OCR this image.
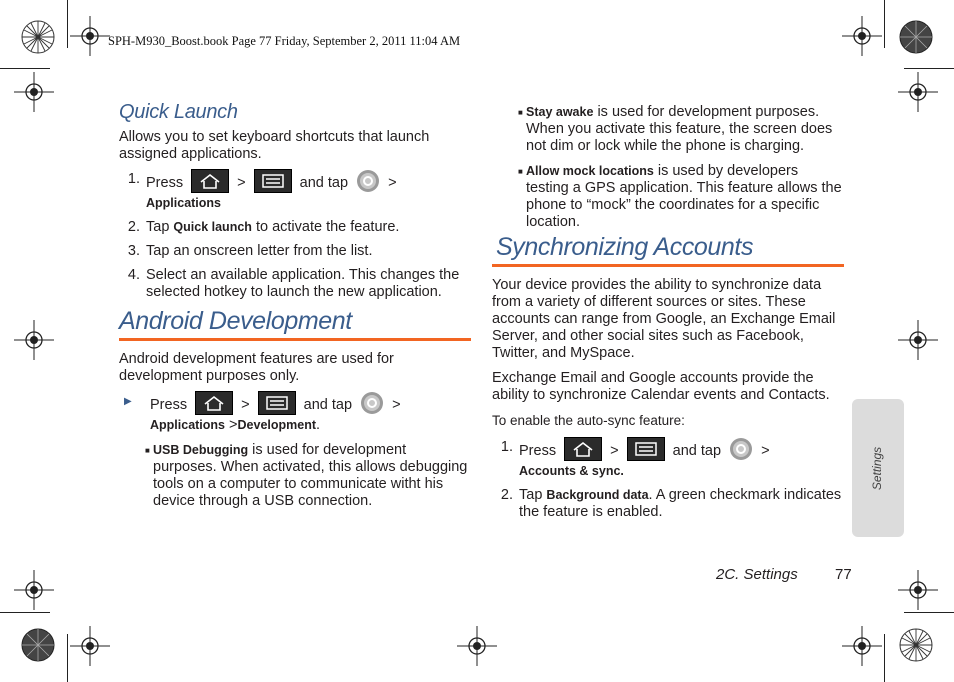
SPH-M930_Boost.book Page 77 Friday, September 2, 2011 11:04 AM
Quick Launch

Allows you to set keyboard shortcuts that launch assigned applications.

1. Press	>	and tap	> Applications
2. Tap Quick launch to activate the feature.
3. Tap an onscreen letter from the list.
4. Select an available application. This changes the selected hotkey to launch the new application.
Android Development

Android development features are used for development purposes only.

▶	Press	>	and tap	> Applications >Development.
■ USB Debugging is used for development purposes. When activated, this allows debugging tools on a computer to communicate witht his device through a USB connection.
■ Stay awake is used for development purposes. When you activate this feature, the screen does not dim or lock while the phone is charging.
■ Allow mock locations is used by developers testing a GPS application. This feature allows the phone to “mock” the coordinates for a specific location.
Synchronizing Accounts

Your device provides the ability to synchronize data from a variety of different sources or sites. These accounts can range from Google, an Exchange Email Server, and other social sites such as Facebook, Twitter, and MySpace.

Exchange Email and Google accounts provide the ability to synchronize Calendar events and Contacts.

To enable the auto-sync feature:
1. Press	>	and tap	>
Accounts & sync.
2. Tap Background data. A green checkmark indicates the feature is enabled.
Settings
2C. Settings 77
